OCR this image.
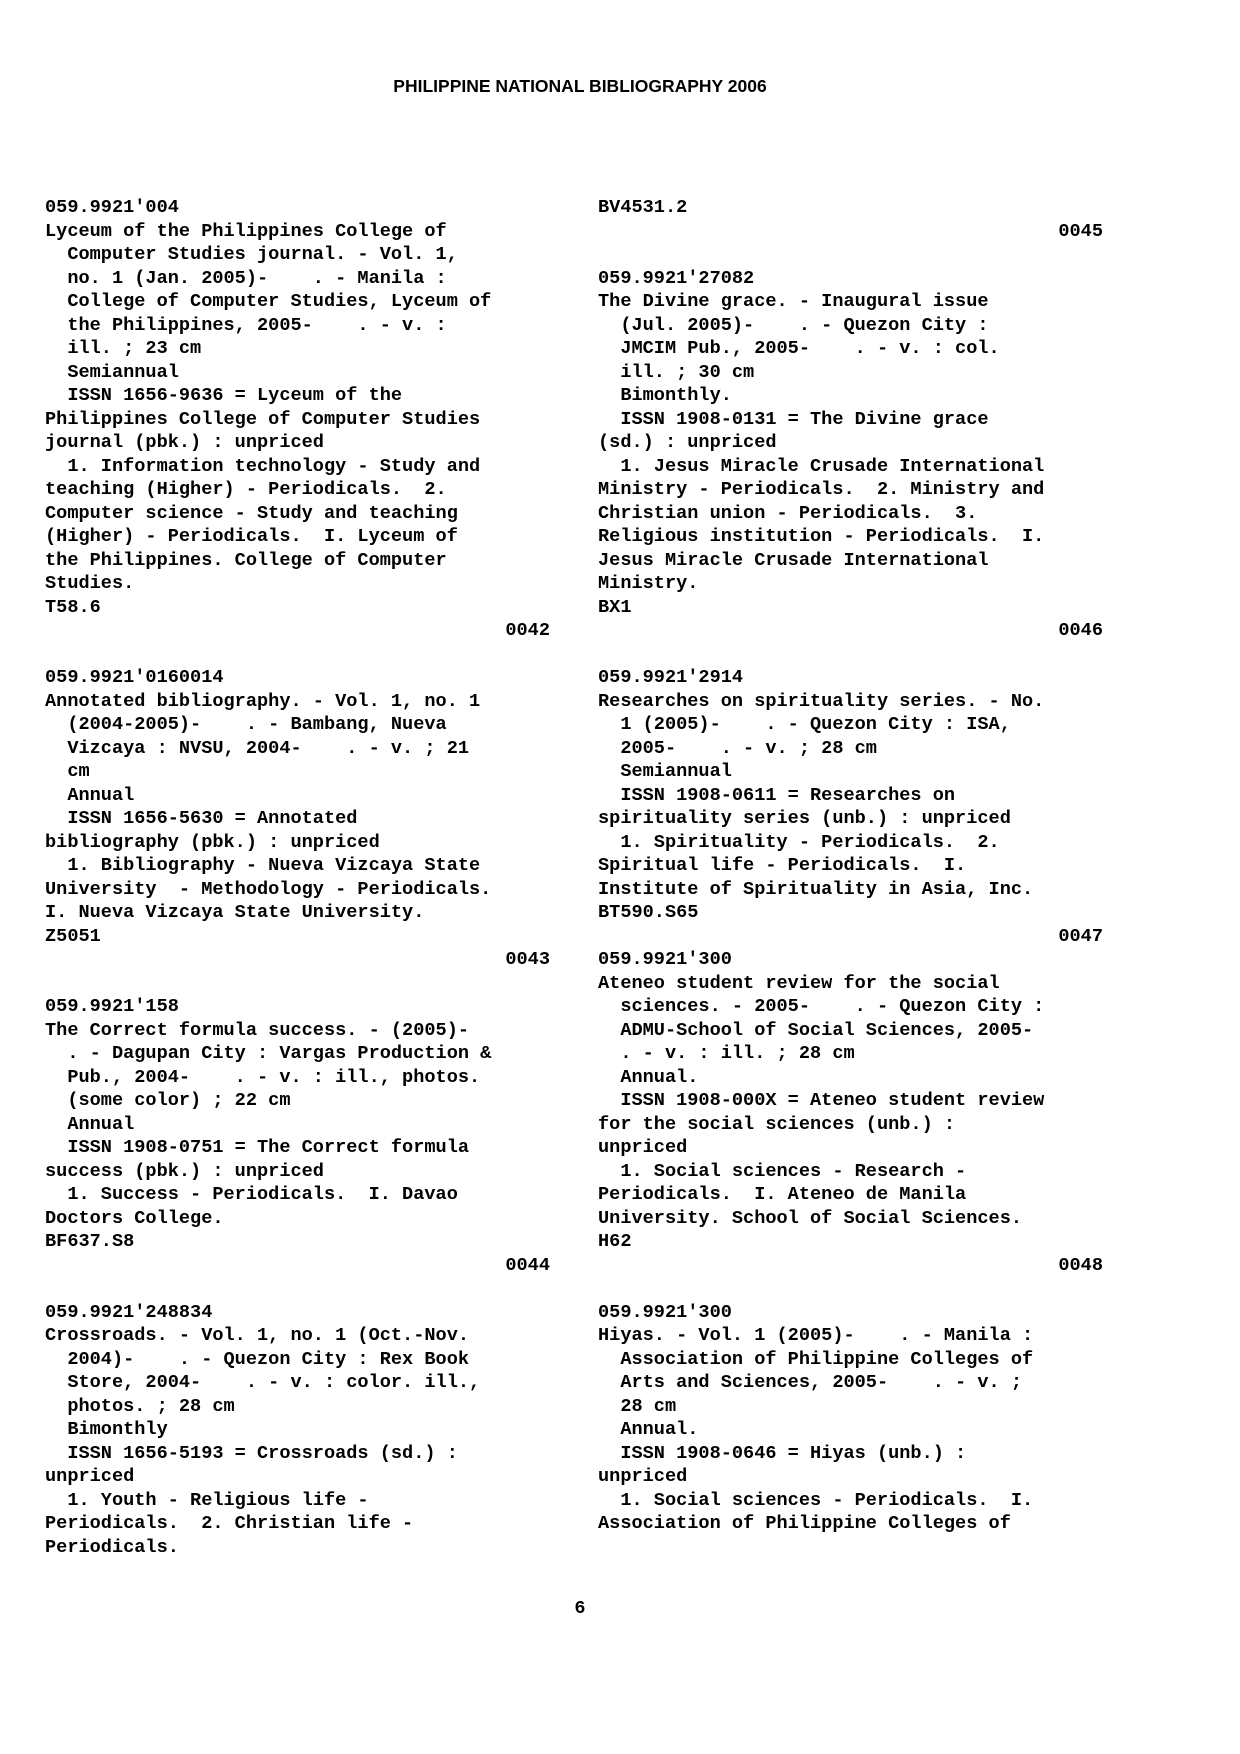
PHILIPPINE NATIONAL BIBLIOGRAPHY 2006
059.9921'004
Lyceum of the Philippines College of
Computer Studies journal. - Vol. 1,
no. 1 (Jan. 2005)-    . - Manila :
College of Computer Studies, Lyceum of
the Philippines, 2005-    . - v. :
ill. ; 23 cm
Semiannual
ISSN 1656-9636 = Lyceum of the
Philippines College of Computer Studies
journal (pbk.) : unpriced
1. Information technology - Study and
teaching (Higher) - Periodicals.  2.
Computer science - Study and teaching
(Higher) - Periodicals.  I. Lyceum of
the Philippines. College of Computer
Studies.
T58.6
0042
059.9921'0160014
Annotated bibliography. - Vol. 1, no. 1
(2004-2005)-    . - Bambang, Nueva
Vizcaya : NVSU, 2004-    . - v. ; 21
cm
Annual
ISSN 1656-5630 = Annotated
bibliography (pbk.) : unpriced
1. Bibliography - Nueva Vizcaya State
University  - Methodology - Periodicals.
I. Nueva Vizcaya State University.
Z5051
0043
059.9921'158
The Correct formula success. - (2005)-
. - Dagupan City : Vargas Production &
Pub., 2004-    . - v. : ill., photos.
(some color) ; 22 cm
Annual
ISSN 1908-0751 = The Correct formula
success (pbk.) : unpriced
1. Success - Periodicals.  I. Davao
Doctors College.
BF637.S8
0044
059.9921'248834
Crossroads. - Vol. 1, no. 1 (Oct.-Nov.
2004)-    . - Quezon City : Rex Book
Store, 2004-    . - v. : color. ill.,
photos. ; 28 cm
Bimonthly
ISSN 1656-5193 = Crossroads (sd.) :
unpriced
1. Youth - Religious life -
Periodicals.  2. Christian life -
Periodicals.
BV4531.2
0045
059.9921'27082
The Divine grace. - Inaugural issue
(Jul. 2005)-    . - Quezon City :
JMCIM Pub., 2005-    . - v. : col.
ill. ; 30 cm
Bimonthly.
ISSN 1908-0131 = The Divine grace
(sd.) : unpriced
1. Jesus Miracle Crusade International
Ministry - Periodicals.  2. Ministry and
Christian union - Periodicals.  3.
Religious institution - Periodicals.  I.
Jesus Miracle Crusade International
Ministry.
BX1
0046
059.9921'2914
Researches on spirituality series. - No.
1 (2005)-    . - Quezon City : ISA,
2005-    . - v. ; 28 cm
Semiannual
ISSN 1908-0611 = Researches on
spirituality series (unb.) : unpriced
1. Spirituality - Periodicals.  2.
Spiritual life - Periodicals.  I.
Institute of Spirituality in Asia, Inc.
BT590.S65
0047
059.9921'300
Ateneo student review for the social
sciences. - 2005-    . - Quezon City :
ADMU-School of Social Sciences, 2005-
. - v. : ill. ; 28 cm
Annual.
ISSN 1908-000X = Ateneo student review
for the social sciences (unb.) :
unpriced
1. Social sciences - Research -
Periodicals.  I. Ateneo de Manila
University. School of Social Sciences.
H62
0048
059.9921'300
Hiyas. - Vol. 1 (2005)-    . - Manila :
Association of Philippine Colleges of
Arts and Sciences, 2005-    . - v. ;
28 cm
Annual.
ISSN 1908-0646 = Hiyas (unb.) :
unpriced
1. Social sciences - Periodicals.  I.
Association of Philippine Colleges of
6
